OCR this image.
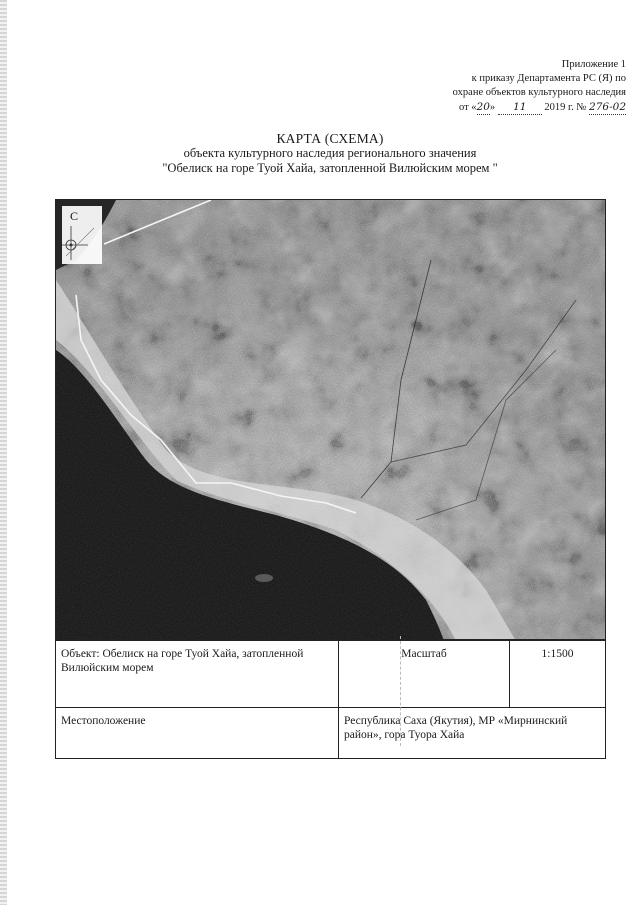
Приложение 1
к приказу Департамента РС (Я) по
охране объектов культурного наследия
от «20» 11 2019 г. № 276-02
КАРТА (СХЕМА)
объекта культурного наследия регионального значения
"Обелиск на горе Туой Хайа, затопленной Вилюйским морем "
С
Объект: Обелиск на горе Туой Хайа, затопленной Вилюйским морем	Масштаб	1:1500
Местоположение	Республика Саха (Якутия), МР «Мирнинский район», гора Туора Хайа	
